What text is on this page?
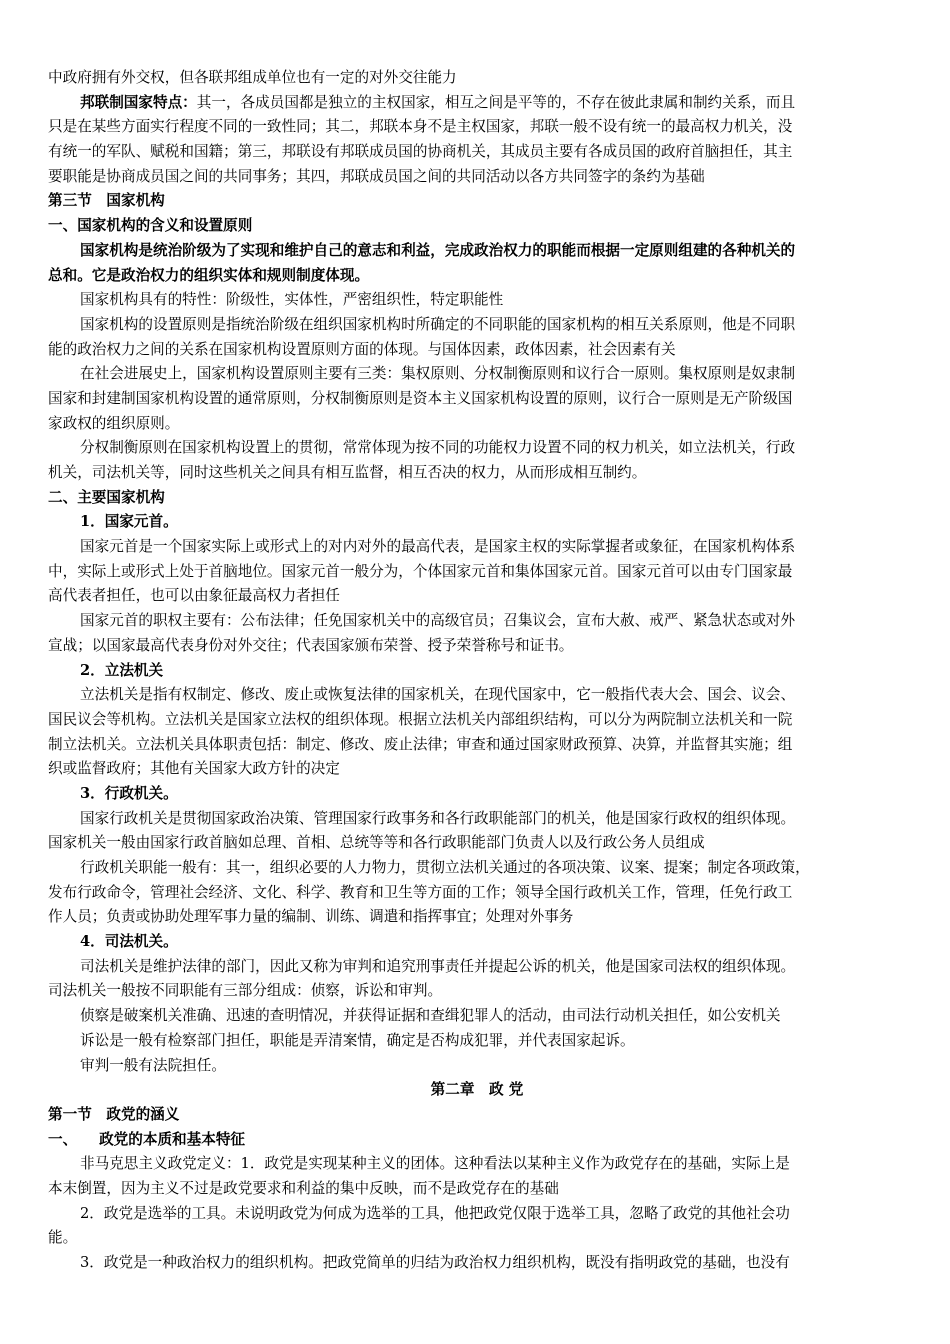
中政府拥有外交权，但各联邦组成单位也有一定的对外交往能力
邦联制国家特点：其一，各成员国都是独立的主权国家，相互之间是平等的，不存在彼此隶属和制约关系，而且
只是在某些方面实行程度不同的一致性同；其二，邦联本身不是主权国家，邦联一般不设有统一的最高权力机关，没
有统一的军队、赋税和国籍；第三，邦联设有邦联成员国的协商机关，其成员主要有各成员国的政府首脑担任，其主
要职能是协商成员国之间的共同事务；其四，邦联成员国之间的共同活动以各方共同签字的条约为基础
第三节　国家机构
一、国家机构的含义和设置原则
国家机构是统治阶级为了实现和维护自己的意志和利益，完成政治权力的职能而根据一定原则组建的各种机关的
总和。它是政治权力的组织实体和规则制度体现。
国家机构具有的特性：阶级性，实体性，严密组织性，特定职能性
国家机构的设置原则是指统治阶级在组织国家机构时所确定的不同职能的国家机构的相互关系原则，他是不同职
能的政治权力之间的关系在国家机构设置原则方面的体现。与国体因素，政体因素，社会因素有关
在社会进展史上，国家机构设置原则主要有三类：集权原则、分权制衡原则和议行合一原则。集权原则是奴隶制
国家和封建制国家机构设置的通常原则，分权制衡原则是资本主义国家机构设置的原则，议行合一原则是无产阶级国
家政权的组织原则。
分权制衡原则在国家机构设置上的贯彻，常常体现为按不同的功能权力设置不同的权力机关，如立法机关，行政
机关，司法机关等，同时这些机关之间具有相互监督，相互否决的权力，从而形成相互制约。
二、主要国家机构
1．国家元首。
国家元首是一个国家实际上或形式上的对内对外的最高代表，是国家主权的实际掌握者或象征，在国家机构体系
中，实际上或形式上处于首脑地位。国家元首一般分为，个体国家元首和集体国家元首。国家元首可以由专门国家最
高代表者担任，也可以由象征最高权力者担任
国家元首的职权主要有：公布法律；任免国家机关中的高级官员；召集议会，宣布大赦、戒严、紧急状态或对外
宣战；以国家最高代表身份对外交往；代表国家颁布荣誉、授予荣誉称号和证书。
2．立法机关
立法机关是指有权制定、修改、废止或恢复法律的国家机关，在现代国家中，它一般指代表大会、国会、议会、
国民议会等机构。立法机关是国家立法权的组织体现。根据立法机关内部组织结构，可以分为两院制立法机关和一院
制立法机关。立法机关具体职责包括：制定、修改、废止法律；审查和通过国家财政预算、决算，并监督其实施；组
织或监督政府；其他有关国家大政方针的决定
3．行政机关。
国家行政机关是贯彻国家政治决策、管理国家行政事务和各行政职能部门的机关，他是国家行政权的组织体现。
国家机关一般由国家行政首脑如总理、首相、总统等等和各行政职能部门负责人以及行政公务人员组成
行政机关职能一般有：其一，组织必要的人力物力，贯彻立法机关通过的各项决策、议案、提案；制定各项政策，
发布行政命令，管理社会经济、文化、科学、教育和卫生等方面的工作；领导全国行政机关工作，管理，任免行政工
作人员；负责或协助处理军事力量的编制、训练、调遣和指挥事宜；处理对外事务
4．司法机关。
司法机关是维护法律的部门，因此又称为审判和追究刑事责任并提起公诉的机关，他是国家司法权的组织体现。
司法机关一般按不同职能有三部分组成：侦察，诉讼和审判。
侦察是破案机关准确、迅速的查明情况，并获得证据和查缉犯罪人的活动，由司法行动机关担任，如公安机关
诉讼是一般有检察部门担任，职能是弄清案情，确定是否构成犯罪，并代表国家起诉。
审判一般有法院担任。
第二章　政 党
第一节　政党的涵义
一、　　政党的本质和基本特征
非马克思主义政党定义：1．政党是实现某种主义的团体。这种看法以某种主义作为政党存在的基础，实际上是
本末倒置，因为主义不过是政党要求和利益的集中反映，而不是政党存在的基础
2．政党是选举的工具。未说明政党为何成为选举的工具，他把政党仅限于选举工具，忽略了政党的其他社会功
能。
3．政党是一种政治权力的组织机构。把政党简单的归结为政治权力组织机构，既没有指明政党的基础，也没有
